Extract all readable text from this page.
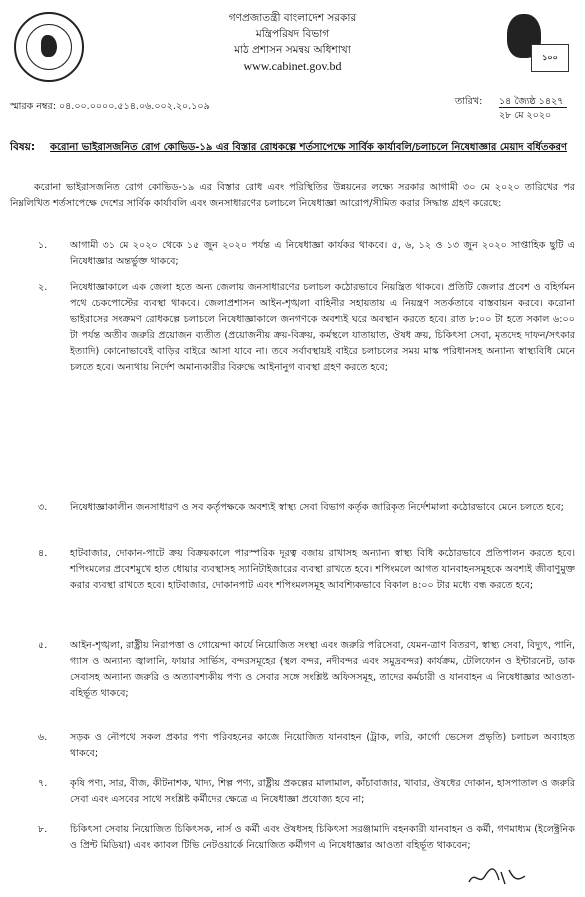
গণপ্রজাতন্ত্রী বাংলাদেশ সরকার
মন্ত্রিপরিষদ বিভাগ
মাঠ প্রশাসন সমন্বয় অধিশাখা
www.cabinet.gov.bd
১০০
স্মারক নম্বর: ০৪.০০.০০০০.৫১৪.০৬.০০২.২০.১০৯	তারিখ: ১৪ জ্যৈষ্ঠ ১৪২৭
২৮ মে ২০২০
বিষয়: করোনা ভাইরাসজনিত রোগ কোভিড-১৯ এর বিস্তার রোধকল্পে শর্তসাপেক্ষে সার্বিক কার্যাবলি/চলাচলে নিষেধাজ্ঞার মেয়াদ বর্ধিতকরণ
করোনা ভাইরাসজনিত রোগ কোভিড-১৯ এর বিস্তার রোধ এবং পরিস্থিতির উন্নয়নের লক্ষ্যে সরকার আগামী ৩০ মে ২০২০ তারিখের পর নিম্নলিখিত শর্তসাপেক্ষে দেশের সার্বিক কার্যাবলি এবং জনসাধারণের চলাচলে নিষেধাজ্ঞা আরোপ/সীমিত করার সিদ্ধান্ত গ্রহণ করেছে:
১. আগামী ৩১ মে ২০২০ থেকে ১৫ জুন ২০২০ পর্যন্ত এ নিষেধাজ্ঞা কার্যকর থাকবে। ৫, ৬, ১২ ও ১৩ জুন ২০২০ সাপ্তাহিক ছুটি এ নিষেধাজ্ঞার অন্তর্ভুক্ত থাকবে;
২. নিষেধাজ্ঞাকালে এক জেলা হতে অন্য জেলায় জনসাধারণের চলাচল কঠোরভাবে নিয়ন্ত্রিত থাকবে। প্রতিটি জেলার প্রবেশ ও বহির্গমন পথে চেকপোস্টের ব্যবস্থা থাকবে। জেলাপ্রশাসন আইন-শৃঙ্খলা বাহিনীর সহায়তায় এ নিয়ন্ত্রণ সতর্কতাবে বাস্তবায়ন করবে। করোনা ভাইরাসের সংক্রমণ রোধকল্পে চলাচলে নিষেধাজ্ঞাকালে জনগণকে অবশ্যই ঘরে অবস্থান করতে হবে। রাত ৮:০০ টা হতে সকাল ৬:০০ টা পর্যন্ত অতীব জরুরি প্রয়োজন ব্যতীত (প্রয়োজনীয় ক্রয়-বিক্রয়, কর্মস্থলে যাতায়াত, ঔষধ ক্রয়, চিকিৎসা সেবা, মৃতদেহ দাফন/সৎকার ইত্যাদি) কোনোভাবেই বাড়ির বাইরে আসা যাবে না। তবে সর্বাবস্থায়ই বাইরে চলাচলের সময় মাস্ক পরিধানসহ অন্যান্য স্বাস্থ্যবিধি মেনে চলতে হবে। অন্যথায় নির্দেশ অমান্যকারীর বিরুদ্ধে আইনানুগ ব্যবস্থা গ্রহণ করতে হবে;
৩. নিষেধাজ্ঞাকালীন জনসাধারণ ও সব কর্তৃপক্ষকে অবশ্যই স্বাস্থ্য সেবা বিভাগ কর্তৃক জারিকৃত নির্দেশমালা কঠোরভাবে মেনে চলতে হবে;
৪. হাটবাজার, দোকান-পাটে ক্রয় বিক্রয়কালে পারস্পরিক দূরত্ব বজায় রাখাসহ অন্যান্য স্বাস্থ্য বিধি কঠোরভাবে প্রতিপালন করতে হবে। শপিংমলের প্রবেশমুখে হাত ধোয়ার ব্যবস্থাসহ স্যানিটাইজারের ব্যবস্থা রাখতে হবে। শপিংমলে আগত যানবাহনসমূহকে অবশ্যই জীবাণুমুক্ত করার ব্যবস্থা রাখতে হবে। হাটবাজার, দোকানপাট এবং শপিংমলসমূহ আবশ্যিকভাবে বিকাল ৪:০০ টার মধ্যে বন্ধ করতে হবে;
৫. আইন-শৃঙ্খলা, রাষ্ট্রীয় নিরাপত্তা ও গোয়েন্দা কার্যে নিয়োজিত সংস্থা এবং জরুরি পরিসেবা, যেমন-ত্রাণ বিতরণ, স্বাস্থ্য সেবা, বিদ্যুৎ, পানি, গ্যাস ও অন্যান্য জ্বালানি, ফায়ার সার্ভিস, বন্দরসমূহের (স্থল বন্দর, নদীবন্দর এবং সমুদ্রবন্দর) কার্যক্রম, টেলিফোন ও ইন্টারনেট, ডাক সেবাসহ অন্যান্য জরুরি ও অত্যাবশ্যকীয় পণ্য ও সেবার সঙ্গে সংশ্লিষ্ট অফিসসমূহ, তাদের কর্মচারী ও যানবাহন এ নিষেধাজ্ঞার আওতা-বহির্ভূত থাকবে;
৬. সড়ক ও নৌপথে সকল প্রকার পণ্য পরিবহনের কাজে নিয়োজিত যানবাহন (ট্রাক, লরি, কার্গো ভেসেল প্রভৃতি) চলাচল অব্যাহত থাকবে;
৭. কৃষি পণ্য, সার, বীজ, কীটনাশক, খাদ্য, শিল্প পণ্য, রাষ্ট্রীয় প্রকল্পের মালামাল, কাঁচাবাজার, খাবার, ঔষধের দোকান, হাসপাতাল ও জরুরি সেবা এবং এসবের সাথে সংশ্লিষ্ট কর্মীদের ক্ষেত্রে এ নিষেধাজ্ঞা প্রযোজ্য হবে না;
৮. চিকিৎসা সেবায় নিয়োজিত চিকিৎসক, নার্স ও কর্মী এবং ঔষধসহ চিকিৎসা সরঞ্জামাদি বহনকারী যানবাহন ও কর্মী, গণমাধ্যম (ইলেক্ট্রনিক ও প্রিন্ট মিডিয়া) এবং ক্যাবল টিভি নেটওয়ার্কে নিয়োজিত কর্মীগণ এ নিষেধাজ্ঞার আওতা বহির্ভূত থাকবেন;
